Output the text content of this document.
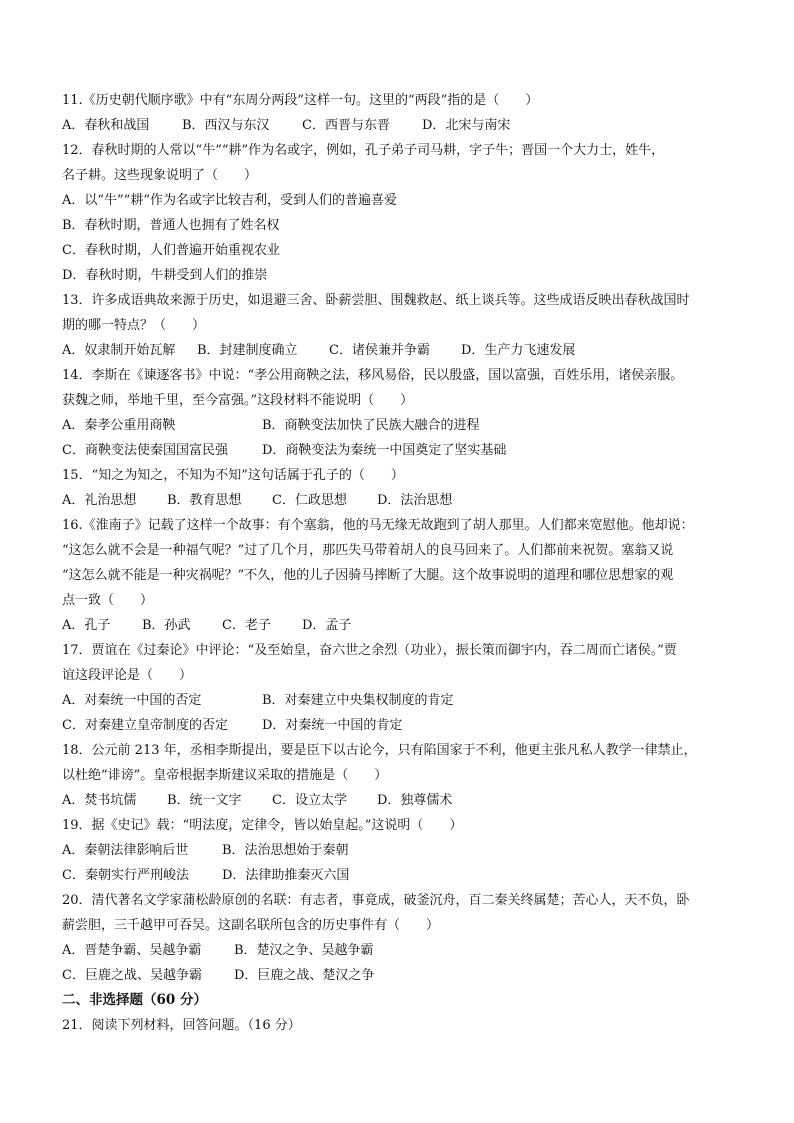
11.《历史朝代顺序歌》中有“东周分两段”这样一句。这里的“两段”指的是（　　）
A．春秋和战国	B．西汉与东汉	C．西晋与东晋	D．北宋与南宋
12．春秋时期的人常以“牛”“耕”作为名或字，例如，孔子弟子司马耕，字子牛；晋国一个大力士，姓牛，
名子耕。这些现象说明了（　　）
A．以“牛”“耕”作为名或字比较吉利，受到人们的普遍喜爱
B．春秋时期，普通人也拥有了姓名权
C．春秋时期，人们普遍开始重视农业
D．春秋时期，牛耕受到人们的推崇
13．许多成语典故来源于历史，如退避三舍、卧薪尝胆、围魏救赵、纸上谈兵等。这些成语反映出春秋战国时
期的哪一特点？（　　）
A．奴隶制开始瓦解	B．封建制度确立	C．诸侯兼并争霸	D．生产力飞速发展
14．李斯在《谏逐客书》中说：“孝公用商鞅之法，移风易俗，民以殷盛，国以富强，百姓乐用，诸侯亲服。
获魏之师，举地千里，至今富强。”这段材料不能说明（　　）
A．秦孝公重用商鞅	B．商鞅变法加快了民族大融合的进程
C．商鞅变法使秦国国富民强	D．商鞅变法为秦统一中国奠定了坚实基础
15．“知之为知之，不知为不知”这句话属于孔子的（　　）
A．礼治思想	B．教育思想	C．仁政思想	D．法治思想
16.《淮南子》记载了这样一个故事：有个塞翁，他的马无缘无故跑到了胡人那里。人们都来宽慰他。他却说：
“这怎么就不会是一种福气呢？”过了几个月，那匹失马带着胡人的良马回来了。人们都前来祝贺。塞翁又说
“这怎么就不能是一种灾祸呢？”不久，他的儿子因骑马摔断了大腿。这个故事说明的道理和哪位思想家的观
点一致（　　）
A．孔子	B．孙武	C．老子	D．孟子
17．贾谊在《过秦论》中评论：“及至始皇，奋六世之余烈（功业），振长策而御宇内，吞二周而亡诸侯。”贾
谊这段评论是（　　）
A．对秦统一中国的否定	B．对秦建立中央集权制度的肯定
C．对秦建立皇帝制度的否定	D．对秦统一中国的肯定
18．公元前 213 年，丞相李斯提出，要是臣下以古论今，只有陷国家于不利，他更主张凡私人教学一律禁止，
以杜绝“诽谤”。皇帝根据李斯建议采取的措施是（　　）
A．焚书坑儒	B．统一文字	C．设立太学	D．独尊儒术
19．据《史记》载：“明法度，定律令，皆以始皇起。”这说明（　　）
A．秦朝法律影响后世	B．法治思想始于秦朝
C．秦朝实行严刑峻法	D．法律助推秦灭六国
20．清代著名文学家蒲松龄原创的名联：有志者，事竟成，破釜沉舟，百二秦关终属楚；苦心人，天不负，卧
薪尝胆，三千越甲可吞吴。这副名联所包含的历史事件有（　　）
A．晋楚争霸、吴越争霸	B．楚汉之争、吴越争霸
C．巨鹿之战、吴越争霸	D．巨鹿之战、楚汉之争
二、非选择题（60 分）
21．阅读下列材料，回答问题。（16 分）
